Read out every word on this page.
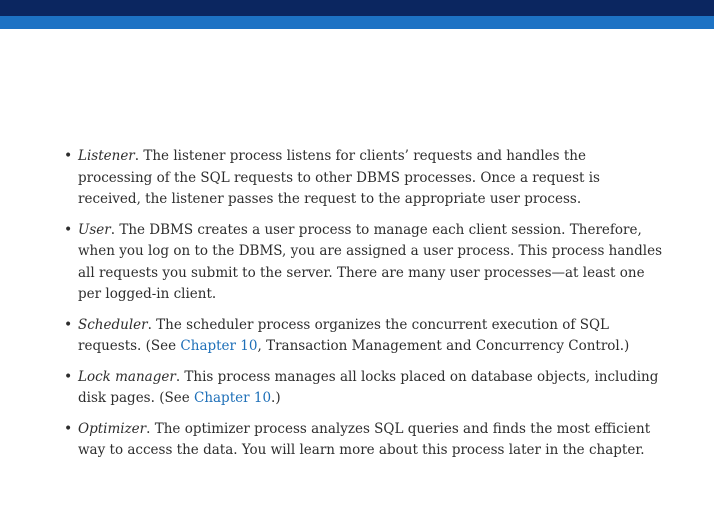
• Listener. The listener process listens for clients’ requests and handles the processing of the SQL requests to other DBMS processes. Once a request is received, the listener passes the request to the appropriate user process.
• User. The DBMS creates a user process to manage each client session. Therefore, when you log on to the DBMS, you are assigned a user process. This process handles all requests you submit to the server. There are many user processes—at least one per logged-in client.
• Scheduler. The scheduler process organizes the concurrent execution of SQL requests. (See Chapter 10, Transaction Management and Concurrency Control.)
• Lock manager. This process manages all locks placed on database objects, including disk pages. (See Chapter 10.)
• Optimizer. The optimizer process analyzes SQL queries and finds the most efficient way to access the data. You will learn more about this process later in the chapter.
